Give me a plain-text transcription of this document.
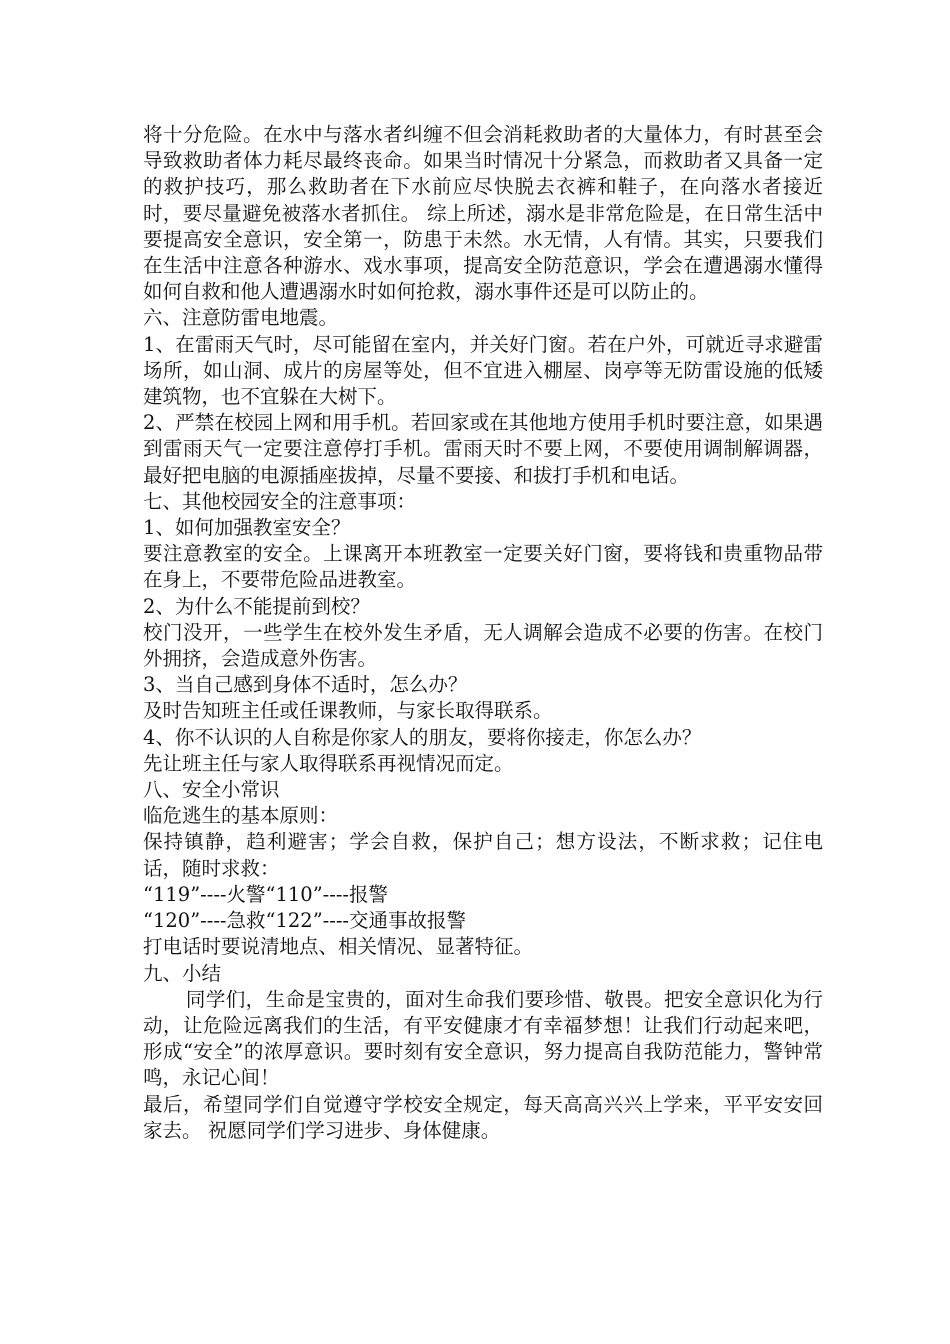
将十分危险。在水中与落水者纠缠不但会消耗救助者的大量体力，有时甚至会导致救助者体力耗尽最终丧命。如果当时情况十分紧急，而救助者又具备一定的救护技巧，那么救助者在下水前应尽快脱去衣裤和鞋子，在向落水者接近时，要尽量避免被落水者抓住。 综上所述，溺水是非常危险是，在日常生活中要提高安全意识，安全第一，防患于未然。水无情，人有情。其实，只要我们在生活中注意各种游水、戏水事项，提高安全防范意识，学会在遭遇溺水懂得如何自救和他人遭遇溺水时如何抢救，溺水事件还是可以防止的。

六、注意防雷电地震。

1、在雷雨天气时，尽可能留在室内，并关好门窗。若在户外，可就近寻求避雷场所，如山洞、成片的房屋等处，但不宜进入棚屋、岗亭等无防雷设施的低矮建筑物，也不宜躲在大树下。

2、严禁在校园上网和用手机。若回家或在其他地方使用手机时要注意，如果遇到雷雨天气一定要注意停打手机。雷雨天时不要上网，不要使用调制解调器，最好把电脑的电源插座拔掉，尽量不要接、和拔打手机和电话。

七、其他校园安全的注意事项：

1、如何加强教室安全？

要注意教室的安全。上课离开本班教室一定要关好门窗，要将钱和贵重物品带在身上，不要带危险品进教室。

2、为什么不能提前到校？

校门没开，一些学生在校外发生矛盾，无人调解会造成不必要的伤害。在校门外拥挤，会造成意外伤害。

3、当自己感到身体不适时，怎么办？

及时告知班主任或任课教师，与家长取得联系。

4、你不认识的人自称是你家人的朋友，要将你接走，你怎么办？

先让班主任与家人取得联系再视情况而定。

八、安全小常识

临危逃生的基本原则：

保持镇静，趋利避害；学会自救，保护自己；想方设法，不断求救；记住电话，随时求救：

“119”----火警“110”----报警

“120”----急救“122”----交通事故报警

打电话时要说清地点、相关情况、显著特征。

九、小结

同学们，生命是宝贵的，面对生命我们要珍惜、敬畏。把安全意识化为行动，让危险远离我们的生活，有平安健康才有幸福梦想！让我们行动起来吧，形成“安全”的浓厚意识。要时刻有安全意识，努力提高自我防范能力，警钟常鸣，永记心间！

最后，希望同学们自觉遵守学校安全规定，每天高高兴兴上学来，平平安安回家去。 祝愿同学们学习进步、身体健康。
